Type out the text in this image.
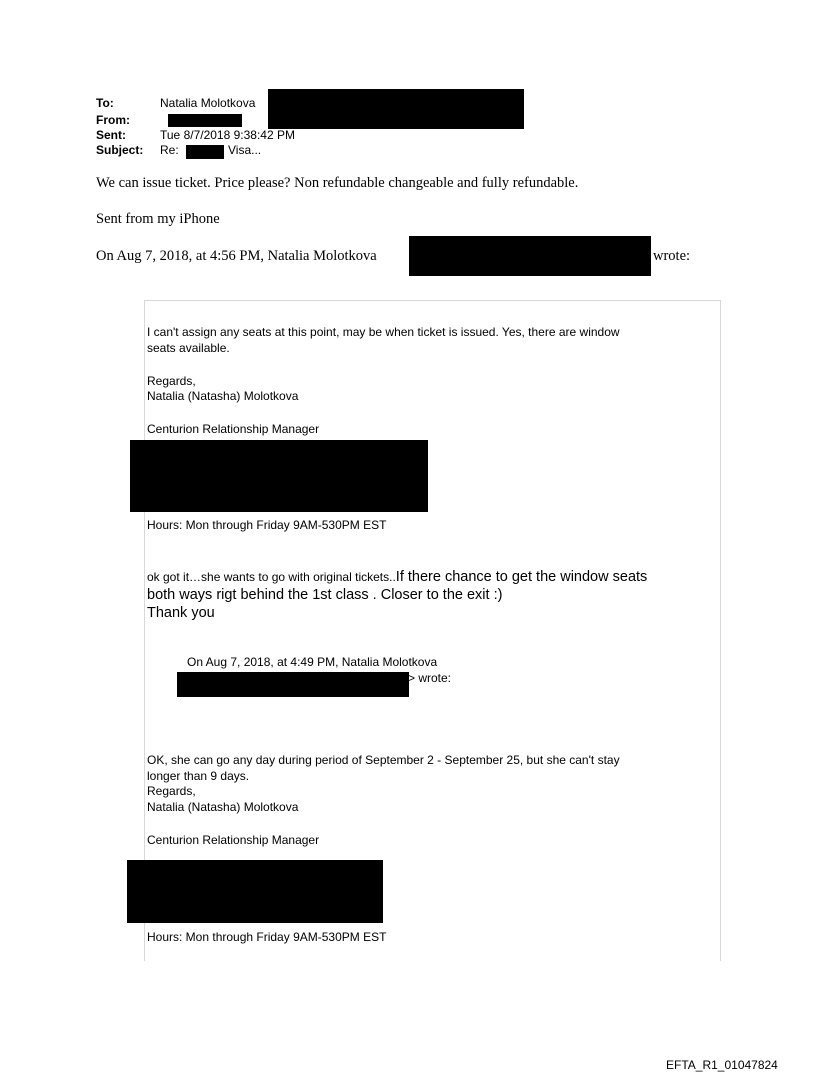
To:	Natalia Molotkova
From:
Sent:	Tue 8/7/2018 9:38:42 PM
Subject: Re:	Visa...
We can issue ticket. Price please? Non refundable changeable and fully refundable.
Sent from my iPhone
On Aug 7, 2018, at 4:56 PM, Natalia Molotkova	wrote:
I can't assign any seats at this point, may be when ticket is issued. Yes, there are window
seats available.
Regards,
Natalia (Natasha) Molotkova
Centurion Relationship Manager
Hours: Mon through Friday 9AM-530PM EST
ok got it…she wants to go with original tickets..If there chance to get the window seats
both ways rigt behind the 1st class . Closer to the exit :)
Thank you
On Aug 7, 2018, at 4:49 PM, Natalia Molotkova
> wrote:
OK, she can go any day during period of September 2 - September 25, but she can't stay
longer than 9 days.
Regards,
Natalia (Natasha) Molotkova
Centurion Relationship Manager
Hours: Mon through Friday 9AM-530PM EST
EFTA_R1_01047824
